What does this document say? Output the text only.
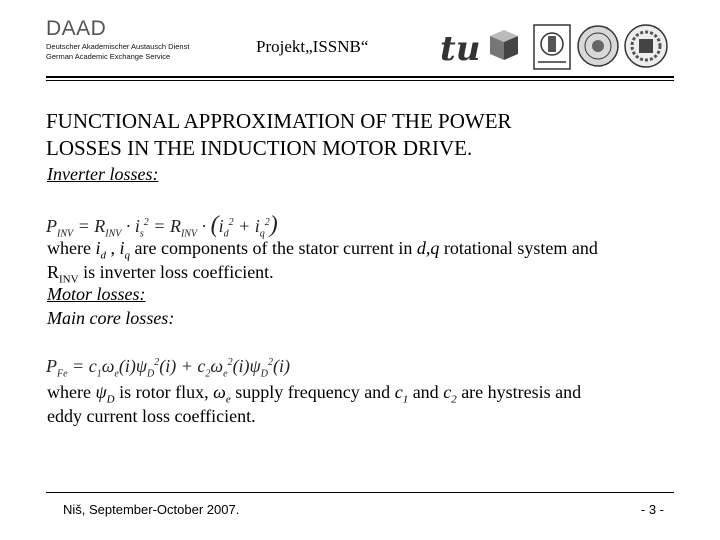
DAAD
Deutscher Akademischer Austausch Dienst
German Academic Exchange Service
Projekt„ISSNB“ tu
FUNCTIONAL APPROXIMATION OF THE POWER
LOSSES IN THE INDUCTION MOTOR DRIVE.
Inverter losses:
$P_{INV} = R_{INV} \cdot i_s^2 = R_{INV} \cdot (i_d^2 + i_q^2)$
where $i_d$ , $i_q$ are components of the stator current in d,q rotational system and
$R_{INV}$ is inverter loss coefficient.
Motor losses:
Main core losses:
$P_{Fe} = c_1\omega_e(i)\psi_D^2(i) + c_2\omega_e^2(i)\psi_D^2(i)$
where $\psi_D$ is rotor flux, $\omega_e$ supply frequency and $c_1$ and $c_2$ are hystresis and
eddy current loss coefficient.
Niš, September-October 2007.	- 3 -
